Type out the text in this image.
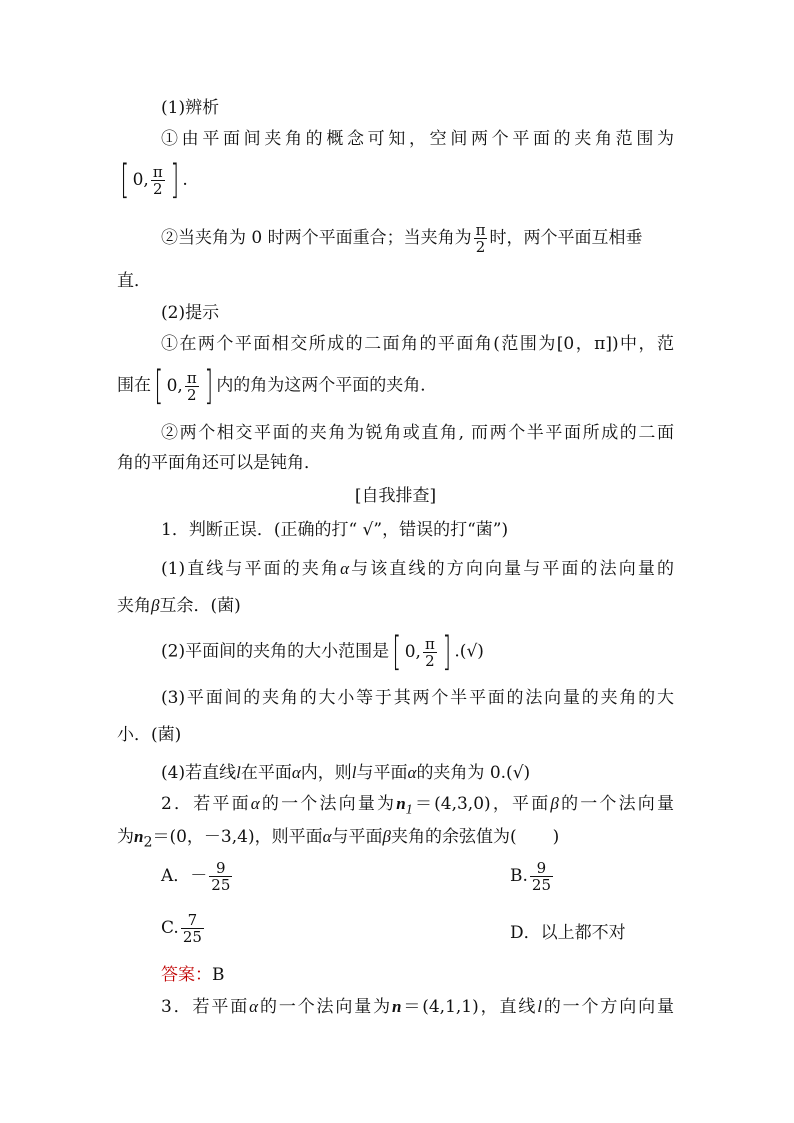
(1)辨析
①由平面间夹角的概念可知，空间两个平面的夹角范围为
[ 0, $\frac{\pi}{2}$ ] .
②当夹角为 0 时两个平面重合；当夹角为 $\frac{\pi}{2}$ 时，两个平面互相垂
直．
(2)提示
①在两个平面相交所成的二面角的平面角(范围为[0，π])中，范
围在 [ 0, $\frac{\pi}{2}$ ] 内的角为这两个平面的夹角．
②两个相交平面的夹角为锐角或直角, 而两个半平面所成的二面
角的平面角还可以是钝角．
[自我排查]
1．判断正误．(正确的打“ √”，错误的打“菌”)
(1)直线与平面的夹角α与该直线的方向向量与平面的法向量的
夹角β互余．(菌)
(2)平面间的夹角的大小范围是 [ 0, $\frac{\pi}{2}$ ] .(√)
(3)平面间的夹角的大小等于其两个半平面的法向量的夹角的大
小．(菌)
(4)若直线l在平面α内，则l与平面α的夹角为 0.(√)
2．若平面α的一个法向量为$n_1=(4,3,0)$，平面β的一个法向量
为$n_2=(0$，－3,4)，则平面α与平面β夹角的余弦值为( )
A．－ $\frac{9}{25}$	B. $\frac{9}{25}$
C. $\frac{7}{25}$	D．以上都不对
答案：B
3．若平面α的一个法向量为n＝(4,1,1)，直线l的一个方向向量
